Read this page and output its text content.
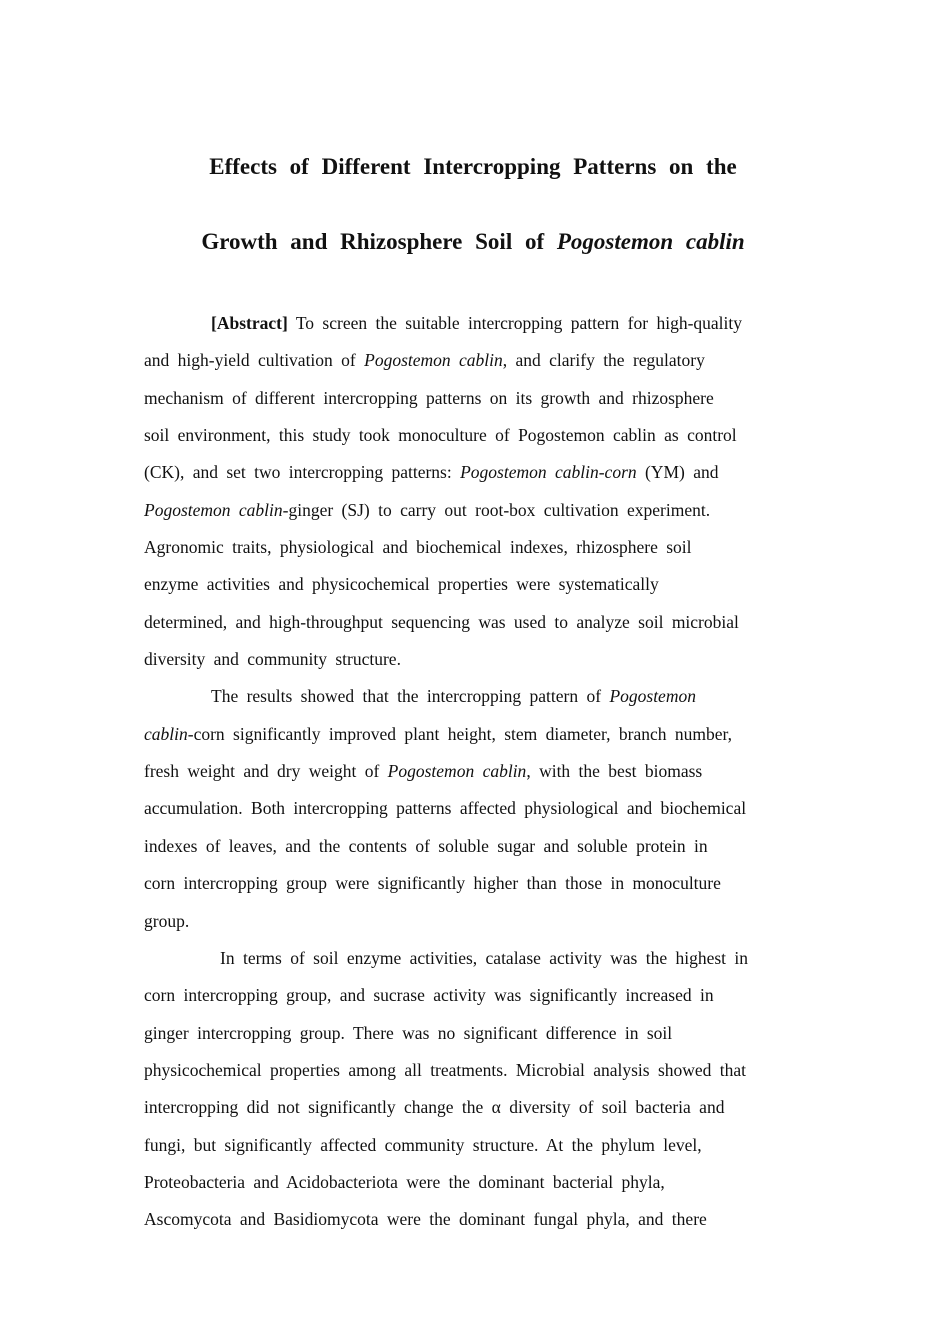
Effects of Different Intercropping Patterns on the
Growth and Rhizosphere Soil of Pogostemon cablin
[Abstract] To screen the suitable intercropping pattern for high-quality
and high-yield cultivation of Pogostemon cablin, and clarify the regulatory
mechanism of different intercropping patterns on its growth and rhizosphere
soil environment, this study took monoculture of Pogostemon cablin as control
(CK), and set two intercropping patterns: Pogostemon cablin-corn (YM) and
Pogostemon cablin-ginger (SJ) to carry out root-box cultivation experiment.
Agronomic traits, physiological and biochemical indexes, rhizosphere soil
enzyme activities and physicochemical properties were systematically
determined, and high-throughput sequencing was used to analyze soil microbial
diversity and community structure.
The results showed that the intercropping pattern of Pogostemon
cablin-corn significantly improved plant height, stem diameter, branch number,
fresh weight and dry weight of Pogostemon cablin, with the best biomass
accumulation. Both intercropping patterns affected physiological and biochemical
indexes of leaves, and the contents of soluble sugar and soluble protein in
corn intercropping group were significantly higher than those in monoculture
group.
In terms of soil enzyme activities, catalase activity was the highest in
corn intercropping group, and sucrase activity was significantly increased in
ginger intercropping group. There was no significant difference in soil
physicochemical properties among all treatments. Microbial analysis showed that
intercropping did not significantly change the α diversity of soil bacteria and
fungi, but significantly affected community structure. At the phylum level,
Proteobacteria and Acidobacteriota were the dominant bacterial phyla,
Ascomycota and Basidiomycota were the dominant fungal phyla, and there
